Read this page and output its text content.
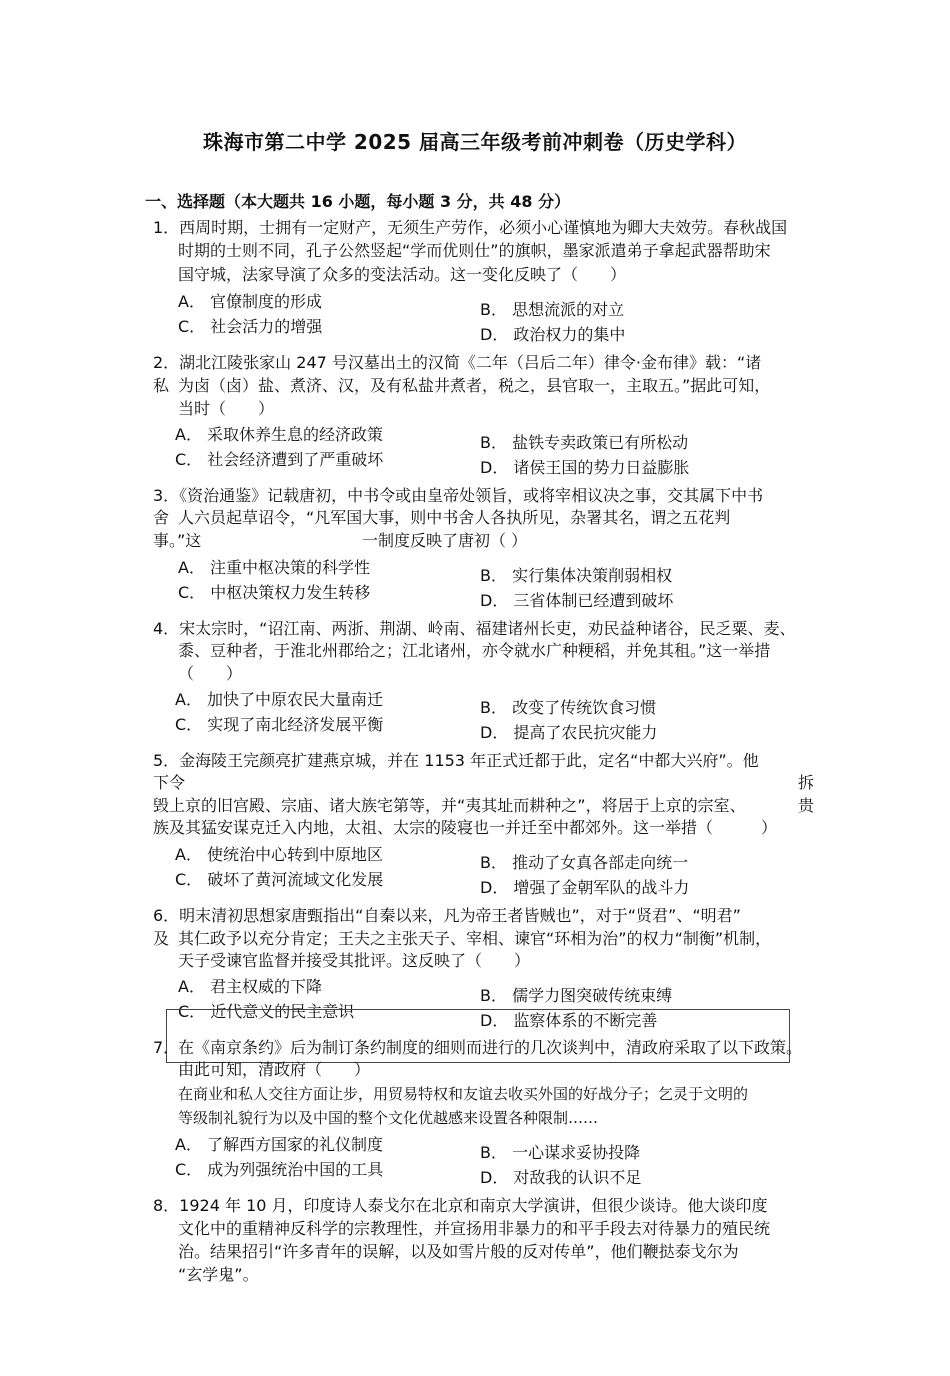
珠海市第二中学 2025 届高三年级考前冲刺卷（历史学科）
一、选择题（本大题共 16 小题，每小题 3 分，共 48 分）
1．西周时期，士拥有一定财产，无须生产劳作，必须小心谨慎地为卿大夫效劳。春秋战国
时期的士则不同，孔子公然竖起“学而优则仕”的旗帜，墨家派遣弟子拿起武器帮助宋
国守城，法家导演了众多的变法活动。这一变化反映了（　　）
A． 官僚制度的形成	B． 思想流派的对立
C． 社会活力的增强	D． 政治权力的集中
2．湖北江陵张家山 247 号汉墓出土的汉简《二年（吕后二年）律令·金布律》载：“诸
私 为卤（卤）盐、煮济、汉，及有私盐井煮者，税之，县官取一，主取五。”据此可知，
当时（　　）
A． 采取休养生息的经济政策	B． 盐铁专卖政策已有所松动
C． 社会经济遭到了严重破坏	D． 诸侯王国的势力日益膨胀
3．《资治通鉴》记载唐初，中书令或由皇帝处领旨，或将宰相议决之事，交其属下中书
舍 人六员起草诏令，“凡军国大事，则中书舍人各执所见，杂署其名，谓之五花判
事。”这	一制度反映了唐初（ ）
A． 注重中枢决策的科学性	B． 实行集体决策削弱相权
C． 中枢决策权力发生转移	D． 三省体制已经遭到破坏
4．宋太宗时，“诏江南、两浙、荆湖、岭南、福建诸州长吏，劝民益种诸谷，民乏粟、麦、
黍、豆种者，于淮北州郡给之；江北诸州，亦令就水广种粳稻，并免其租。”这一举措
（　　）
A． 加快了中原农民大量南迁	B． 改变了传统饮食习惯
C． 实现了南北经济发展平衡	D． 提高了农民抗灾能力
5．金海陵王完颜亮扩建燕京城，并在 1153 年正式迁都于此，定名“中都大兴府”。他
下令	拆
毁上京的旧宫殿、宗庙、诸大族宅第等，并“夷其址而耕种之”，将居于上京的宗室、	贵
族及其猛安谋克迁入内地，太祖、太宗的陵寝也一并迁至中都郊外。这一举措（　　　）
A． 使统治中心转到中原地区	B． 推动了女真各部走向统一
C． 破坏了黄河流域文化发展	D． 增强了金朝军队的战斗力
6．明末清初思想家唐甄指出“自秦以来，凡为帝王者皆贼也”，对于“贤君”、“明君”
及 其仁政予以充分肯定；王夫之主张天子、宰相、谏官“环相为治”的权力“制衡”机制，
天子受谏官监督并接受其批评。这反映了（　　）
A． 君主权威的下降	B． 儒学力图突破传统束缚
C． 近代意义的民主意识	D． 监察体系的不断完善
7．
在《南京条约》后为制订条约制度的细则而进行的几次谈判中，清政府采取了以下政策。
由此可知，清政府（　　）
在商业和私人交往方面让步，用贸易特权和友谊去收买外国的好战分子；乞灵于文明的
等级制礼貌行为以及中国的整个文化优越感来设置各种限制……
A． 了解西方国家的礼仪制度	B． 一心谋求妥协投降
C． 成为列强统治中国的工具	D． 对敌我的认识不足
8．1924 年 10 月，印度诗人泰戈尔在北京和南京大学演讲，但很少谈诗。他大谈印度
文化中的重精神反科学的宗教理性，并宣扬用非暴力的和平手段去对待暴力的殖民统
治。结果招引“许多青年的误解，以及如雪片般的反对传单”，他们鞭挞泰戈尔为
“玄学鬼”。
